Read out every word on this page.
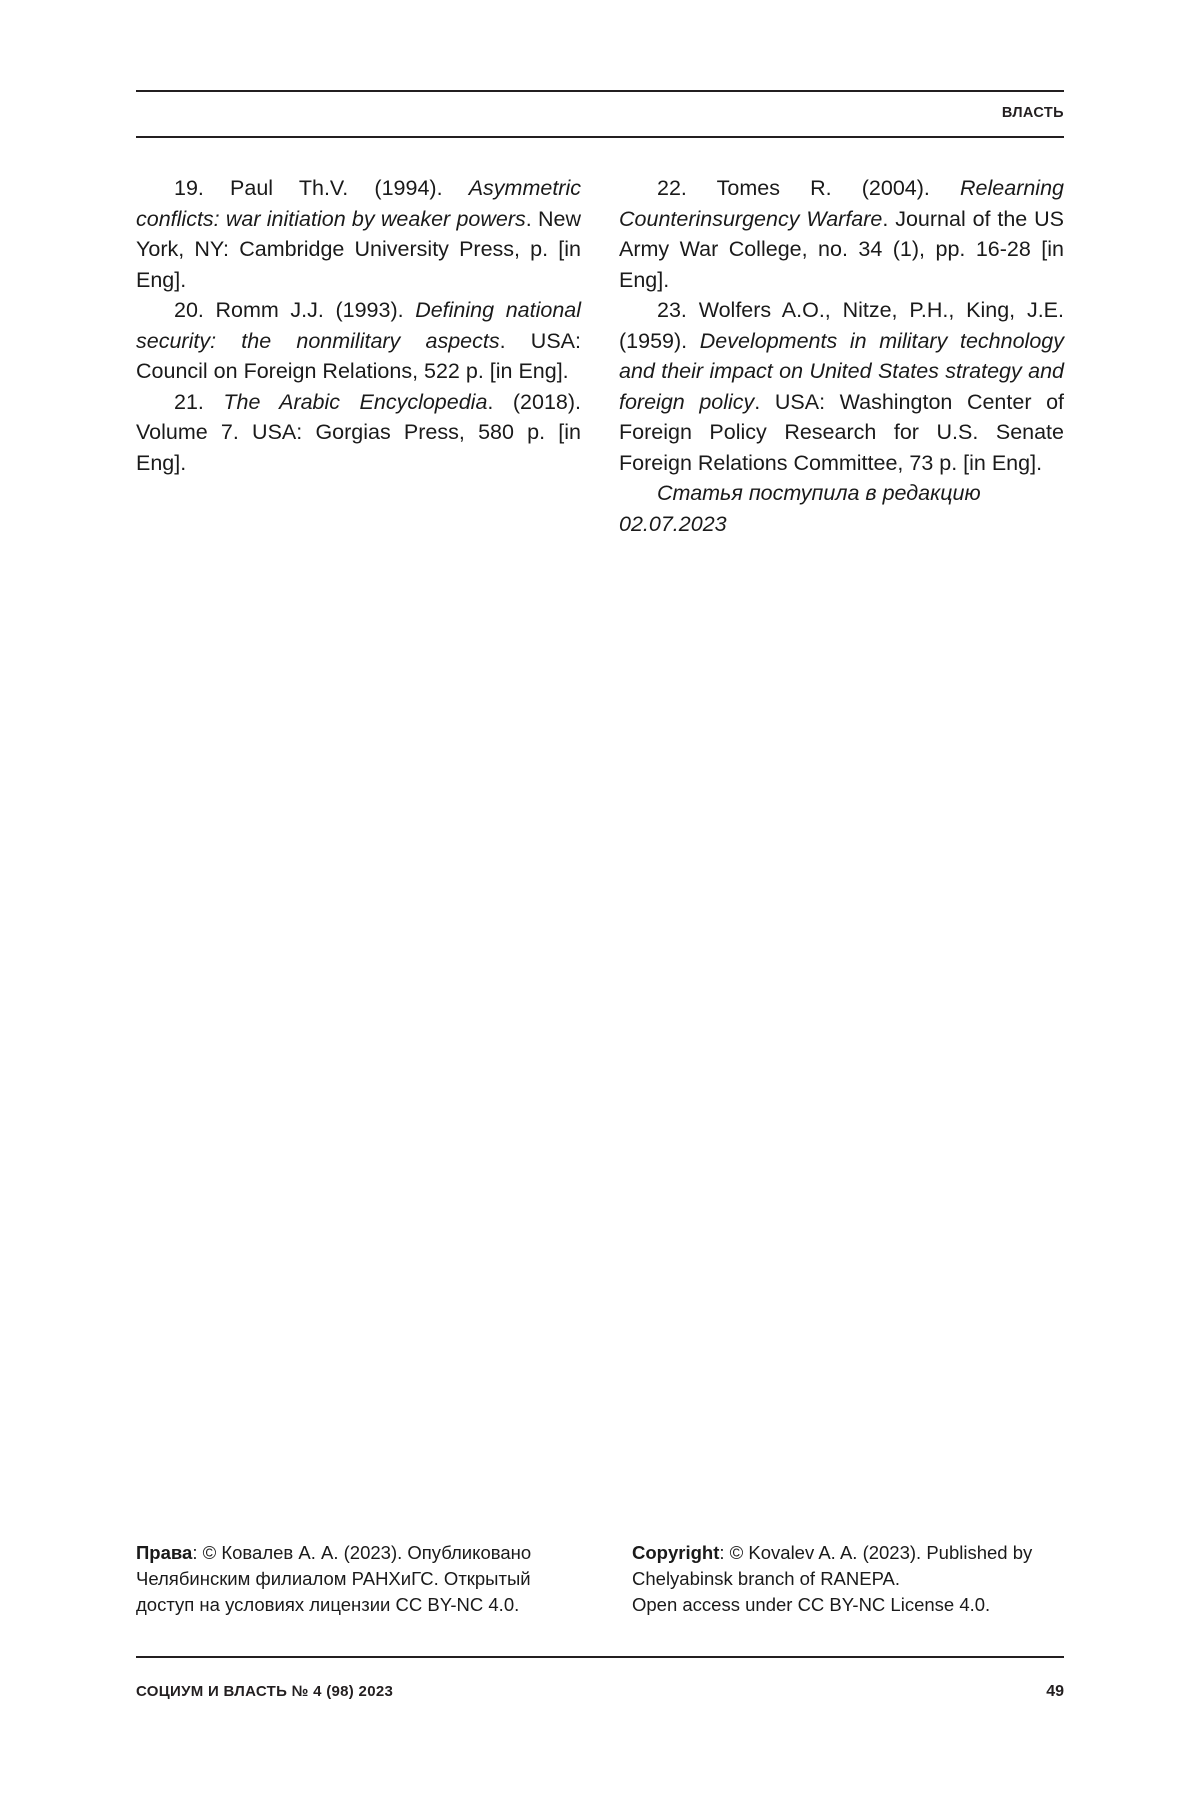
ВЛАСТЬ

19. Paul Th.V. (1994). Asymmetric conflicts: war initiation by weaker powers. New York, NY: Cambridge University Press, p. [in Eng].

20. Romm J.J. (1993). Defining national security: the nonmilitary aspects. USA: Council on Foreign Relations, 522 p. [in Eng].

21. The Arabic Encyclopedia. (2018). Volume 7. USA: Gorgias Press, 580 p. [in Eng].

22. Tomes R. (2004). Relearning Counterinsurgency Warfare. Journal of the US Army War College, no. 34 (1), pp. 16-28 [in Eng].

23. Wolfers A.O., Nitze, P.H., King, J.E. (1959). Developments in military technology and their impact on United States strategy and foreign policy. USA: Washington Center of Foreign Policy Research for U.S. Senate Foreign Relations Committee, 73 p. [in Eng].

Статья поступила в редакцию
02.07.2023

Права: © Ковалев А. А. (2023). Опубликовано Челябинским филиалом РАНХиГС. Открытый доступ на условиях лицензии CC BY-NC 4.0.

Copyright: © Kovalev A. A. (2023). Published by Chelyabinsk branch of RANEPA.

Open access under CC BY-NC License 4.0.

СОЦИУМ И ВЛАСТЬ № 4 (98) 2023	49
